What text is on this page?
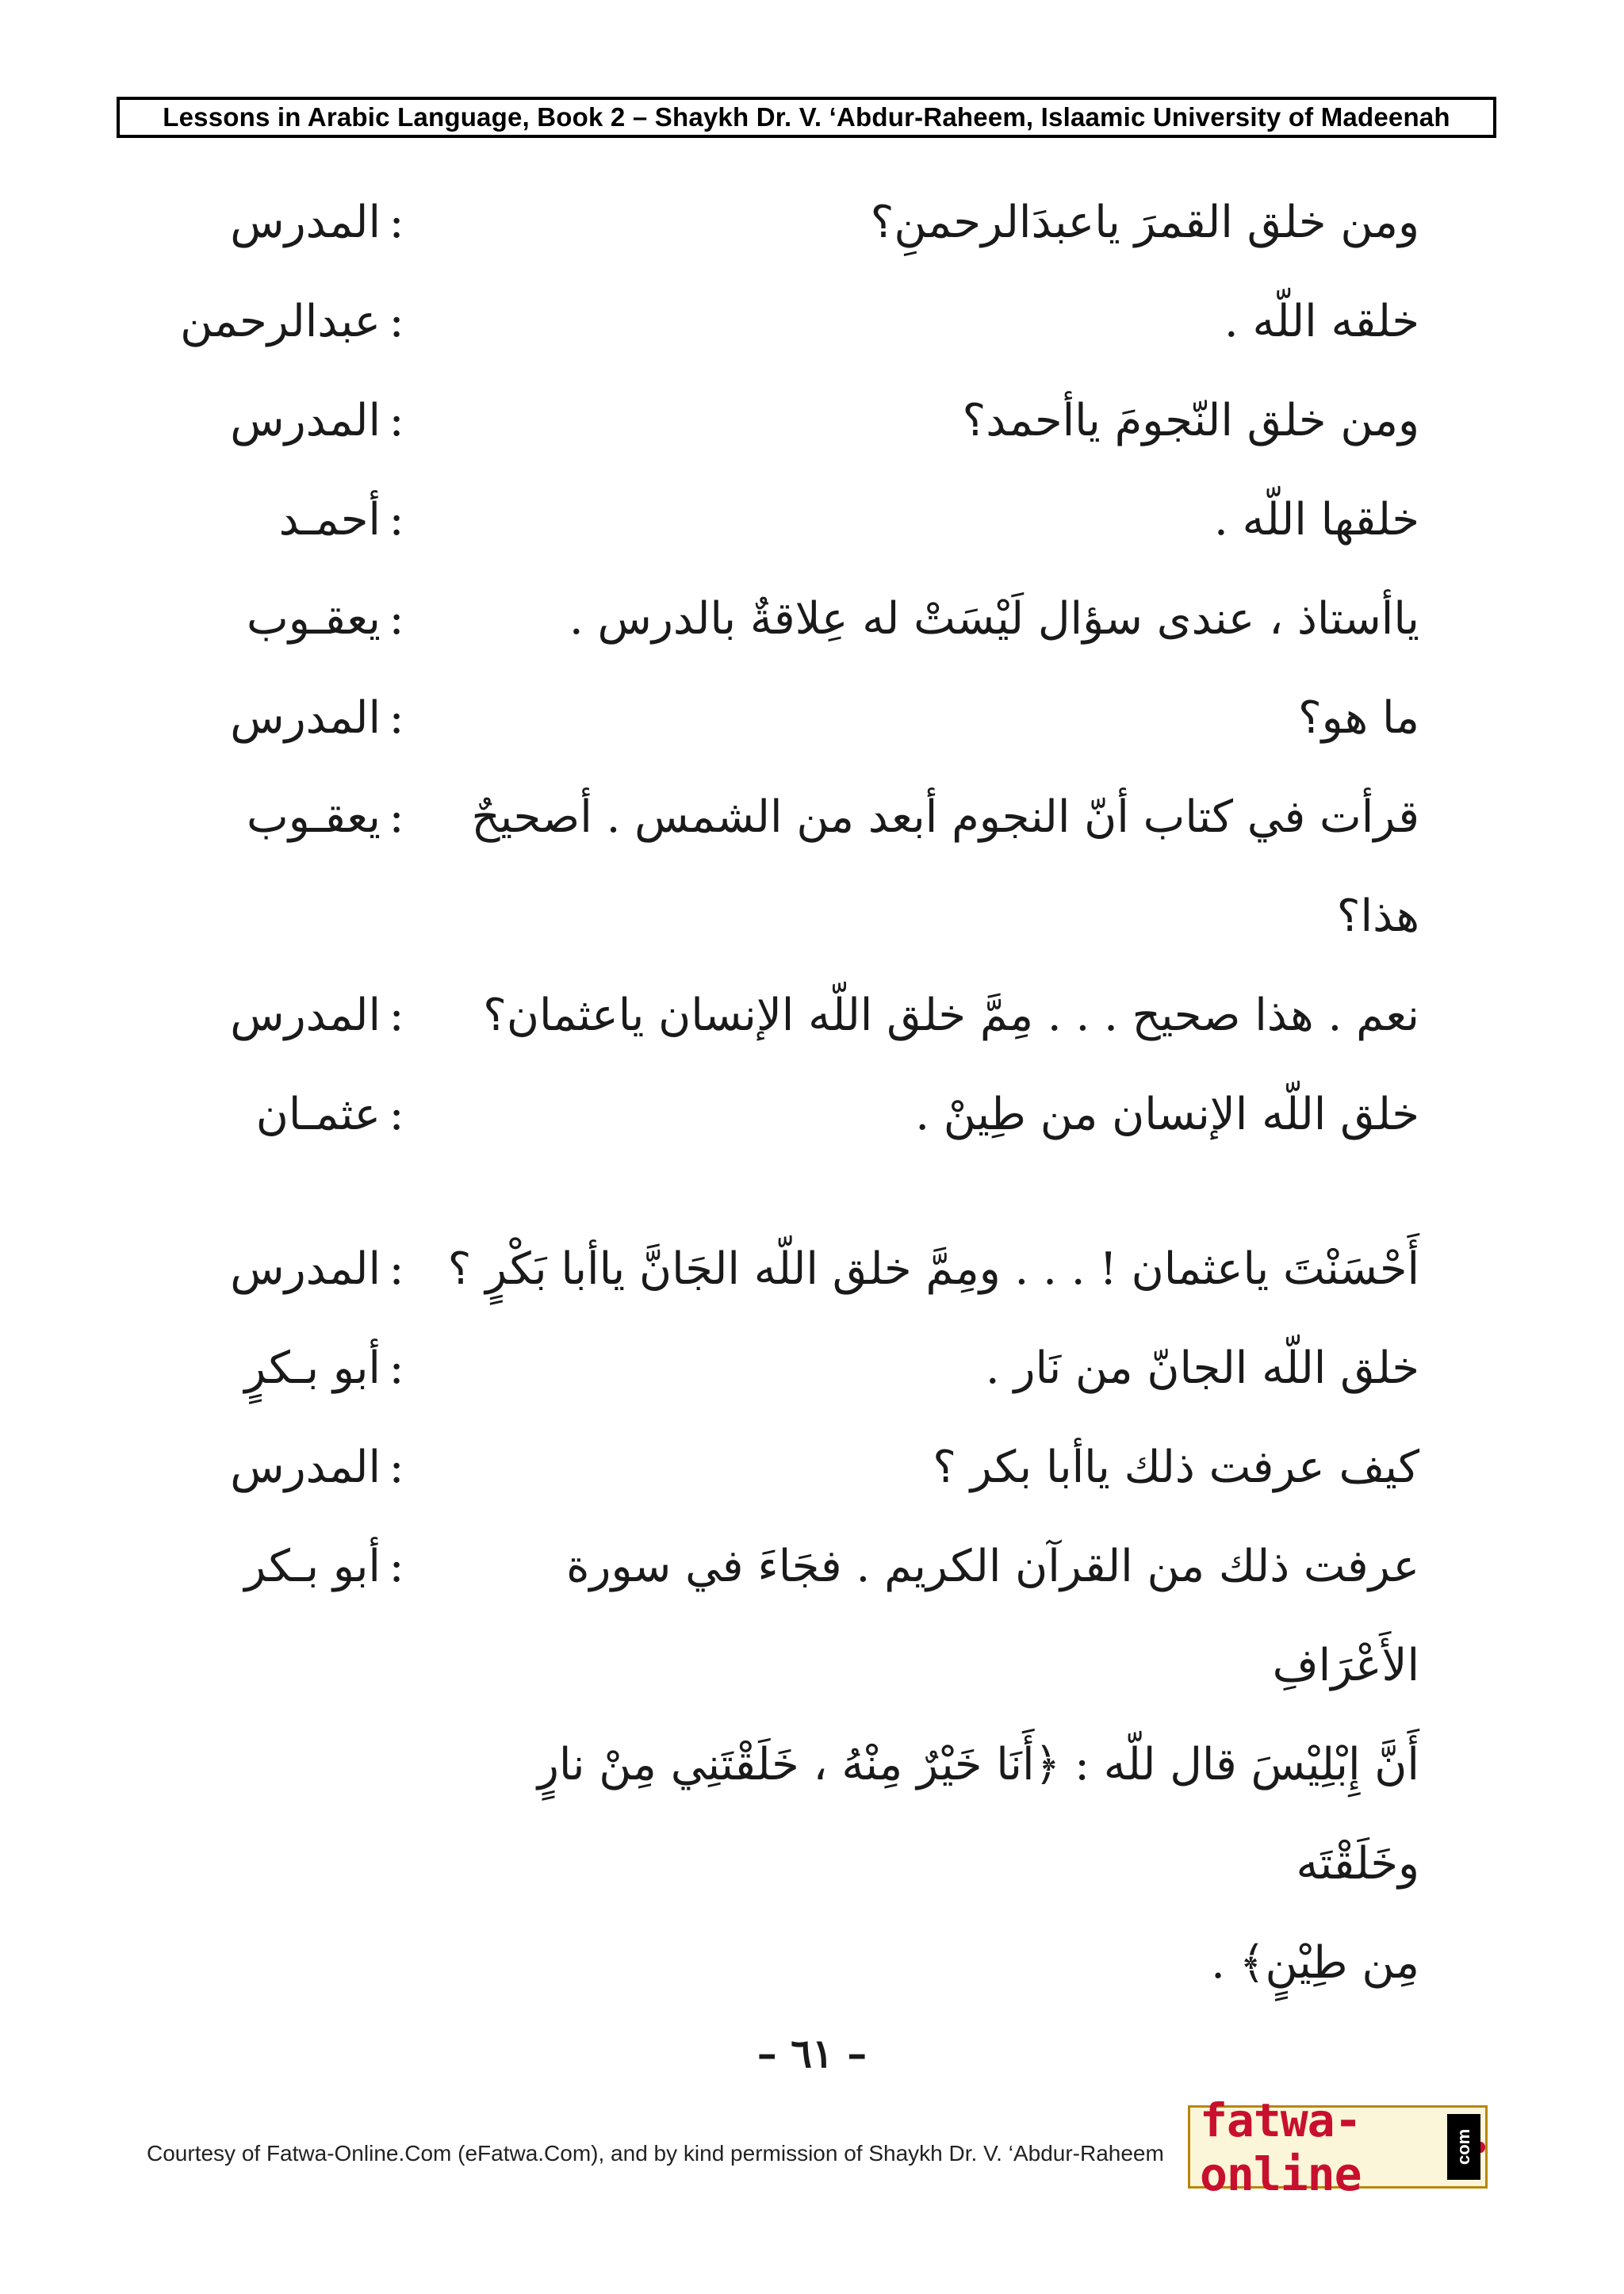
Lessons in Arabic Language, Book 2 – Shaykh Dr. V. ‘Abdur-Raheem, Islaamic University of Madeenah
المدرس :	ومن خلق القمرَ ياعبدَالرحمنِ؟
عبدالرحمن :	خلقه اللّه .
المدرس :	ومن خلق النّجومَ ياأحمد؟
أحمـد :	خلقها اللّه .
يعقـوب :	ياأستاذ ، عندى سؤال لَيْسَتْ له عِلاقةٌ بالدرس .
المدرس :	ما هو؟
يعقـوب :	قرأت في كتاب أنّ النجوم أبعد من الشمس . أصحيحٌ
هذا؟
المدرس :	نعم . هذا صحيح . . . مِمَّ خلق اللّه الإنسان ياعثمان؟
عثمـان :	خلق اللّه الإنسان من طِينْ .
المدرس : أَحْسَنْتَ ياعثمان ! . . . ومِمَّ خلق اللّه الجَانَّ ياأبا بَكْرٍ ؟
أبو بـكرٍ :	خلق اللّه الجانّ من نَار .
المدرس :	كيف عرفت ذلك ياأبا بكر ؟
أبو بـكر :	عرفت ذلك من القرآن الكريم . فجَاءَ في سورة الأَعْرَافِ
أَنَّ إِبْلِيْسَ قال للّه : ﴿أَنَا خَيْرٌ مِنْهُ ، خَلَقْتَنِي مِنْ نارٍ وخَلَقْتَه
مِن طِيْنٍ﴾ .
– ٦١ –
Courtesy of Fatwa-Online.Com (eFatwa.Com), and by kind permission of Shaykh Dr. V. ‘Abdur-Raheem
fatwa-online	com
